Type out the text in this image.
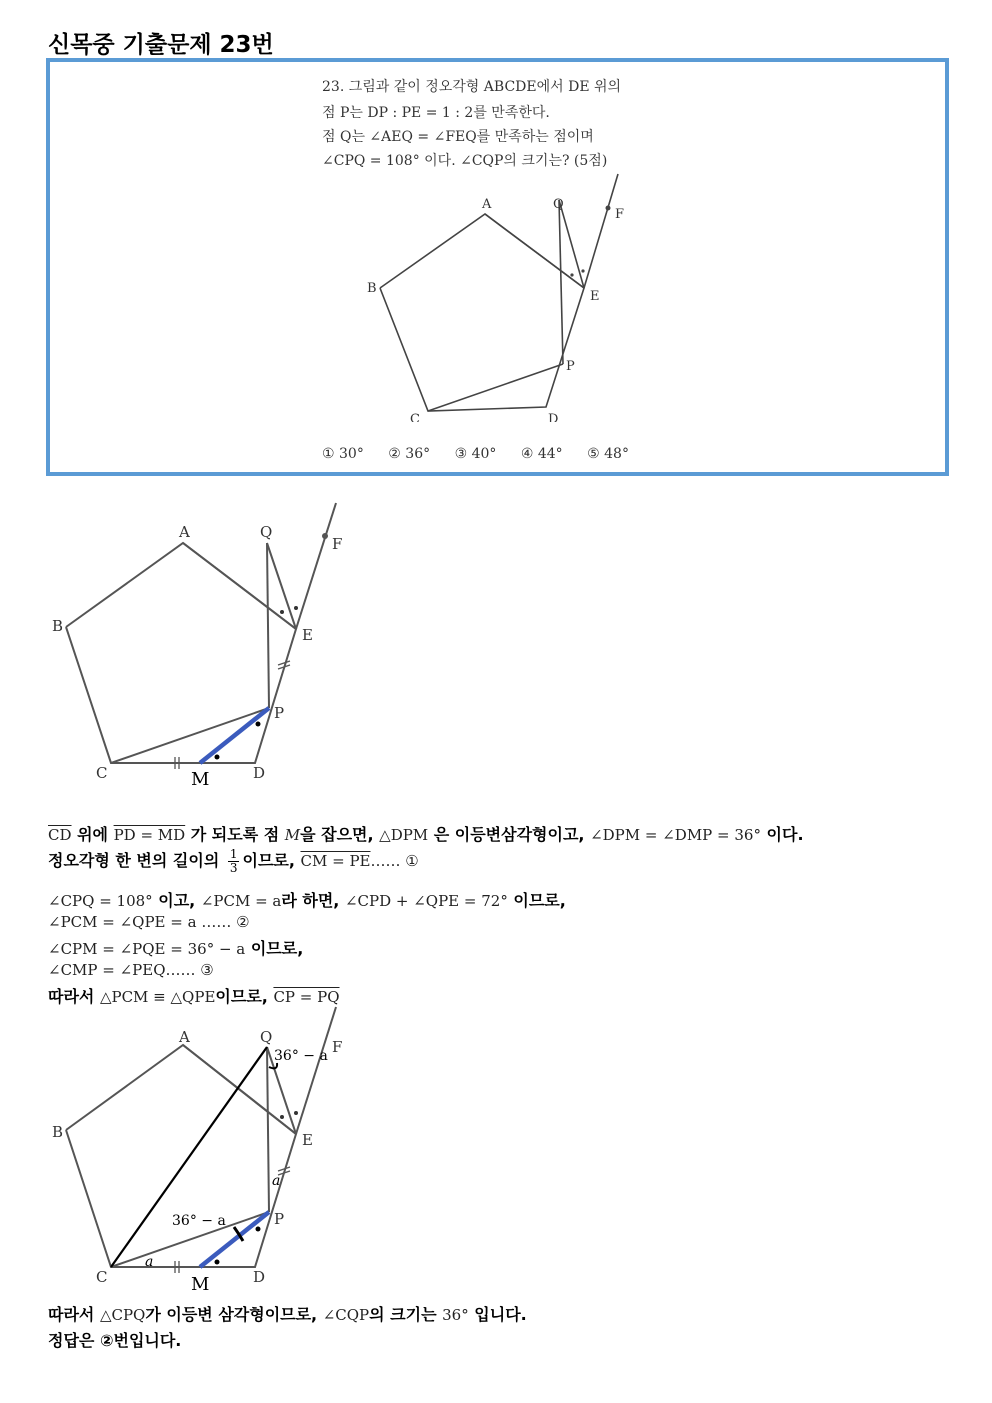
신목중 기출문제 23번
23. 그림과 같이 정오각형 ABCDE에서 DE 위의
점 P는 DP : PE = 1 : 2를 만족한다.
점 Q는 ∠AEQ = ∠FEQ를 만족하는 점이며
∠CPQ = 108° 이다. ∠CQP의 크기는? (5점)
A
B
C	D
E
F
P
Q
① 30° ② 36° ③ 40° ④ 44° ⑤ 48°
A
B
C	D
E
F
P
Q
M
$\overline{CD}$ 위에 PD = MD 가 되도록 점 M을 잡으면, △DPM 은 이등변삼각형이고, ∠DPM = ∠DMP = 36° 이다.
정오각형 한 변의 길이의 $\frac{1}{3}$ 이므로, CM = PE…… ①
∠CPQ = 108° 이고, ∠PCM = a라 하면, ∠CPD + ∠QPE = 72° 이므로,
∠PCM = ∠QPE = a …… ②
∠CPM = ∠PQE = 36° − a 이므로,
∠CMP = ∠PEQ…… ③
따라서 △PCM ≡ △QPE이므로, CP = PQ
A
B
C	D
E
F
P
Q
M
36° − a
36° − a
a
a
따라서 △CPQ가 이등변 삼각형이므로, ∠CQP의 크기는 36° 입니다.
정답은 ②번입니다.
